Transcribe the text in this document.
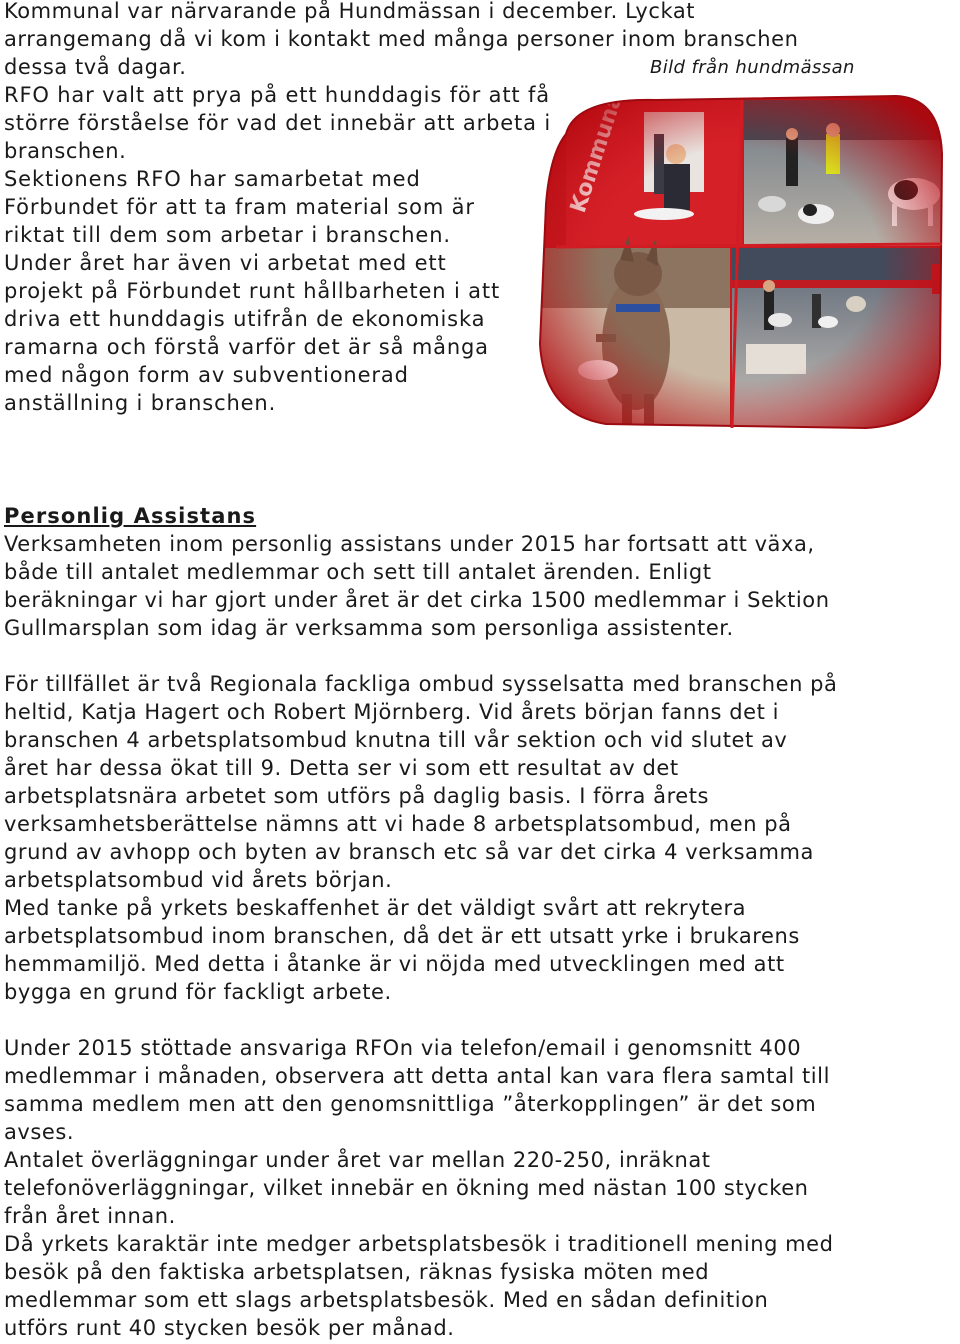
Kommunal var närvarande på Hundmässan i december. Lyckat

arrangemang då vi kom i kontakt med många personer inom branschen

dessa två dagar.

RFO har valt att prya på ett hunddagis för att få

större förståelse för vad det innebär att arbeta i

branschen.

Sektionens RFO har samarbetat med

Förbundet för att ta fram material som är

riktat till dem som arbetar i branschen.

Under året har även vi arbetat med ett

projekt på Förbundet runt hållbarheten i att

driva ett hunddagis utifrån de ekonomiska

ramarna och förstå varför det är så många

med någon form av subventionerad

anställning i branschen.

Bild från hundmässan

Personlig Assistans

Verksamheten inom personlig assistans under 2015 har fortsatt att växa,

både till antalet medlemmar och sett till antalet ärenden. Enligt

beräkningar vi har gjort under året är det cirka 1500 medlemmar i Sektion

Gullmarsplan som idag är verksamma som personliga assistenter.

För tillfället är två Regionala fackliga ombud sysselsatta med branschen på

heltid, Katja Hagert och Robert Mjörnberg. Vid årets början fanns det i

branschen 4 arbetsplatsombud knutna till vår sektion och vid slutet av

året har dessa ökat till 9. Detta ser vi som ett resultat av det

arbetsplatsnära arbetet som utförs på daglig basis. I förra årets

verksamhetsberättelse nämns att vi hade 8 arbetsplatsombud, men på

grund av avhopp och byten av bransch etc så var det cirka 4 verksamma

arbetsplatsombud vid årets början.

Med tanke på yrkets beskaffenhet är det väldigt svårt att rekrytera

arbetsplatsombud inom branschen, då det är ett utsatt yrke i brukarens

hemmamiljö. Med detta i åtanke är vi nöjda med utvecklingen med att

bygga en grund för fackligt arbete.

Under 2015 stöttade ansvariga RFOn via telefon/email i genomsnitt 400

medlemmar i månaden, observera att detta antal kan vara flera samtal till

samma medlem men att den genomsnittliga ”återkopplingen” är det som

avses.

Antalet överläggningar under året var mellan 220-250, inräknat

telefonöverläggningar, vilket innebär en ökning med nästan 100 stycken

från året innan.

Då yrkets karaktär inte medger arbetsplatsbesök i traditionell mening med

besök på den faktiska arbetsplatsen, räknas fysiska möten med

medlemmar som ett slags arbetsplatsbesök. Med en sådan definition

utförs runt 40 stycken besök per månad.
